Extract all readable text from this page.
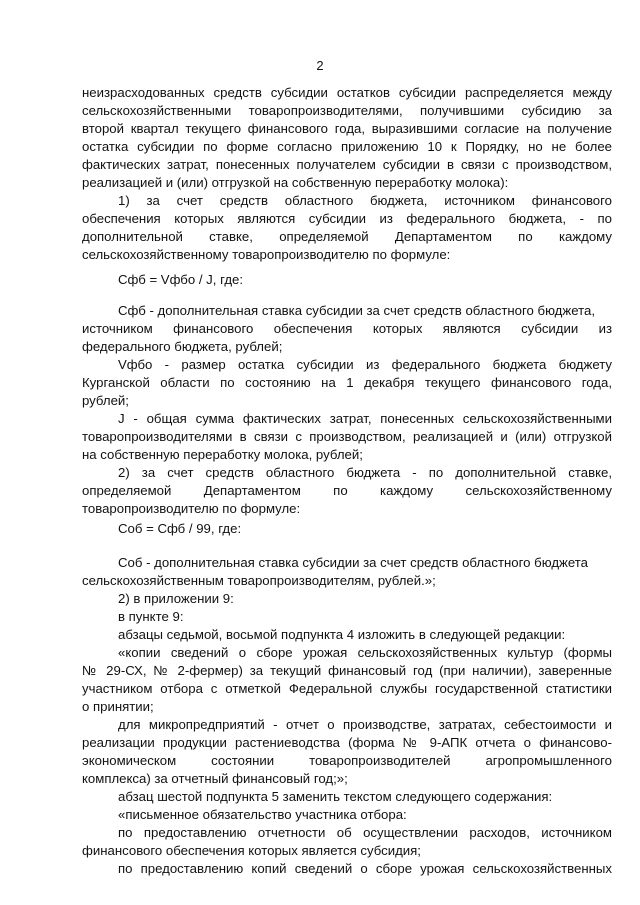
2
неизрасходованных средств субсидии остатков субсидии распределяется между
сельскохозяйственными товаропроизводителями, получившими субсидию за
второй квартал текущего финансового года, выразившими согласие на получение
остатка субсидии по форме согласно приложению 10 к Порядку, но не более
фактических затрат, понесенных получателем субсидии в связи с производством,
реализацией и (или) отгрузкой на собственную переработку молока):
1) за счет средств областного бюджета, источником финансового
обеспечения которых являются субсидии из федерального бюджета, - по
дополнительной ставке, определяемой Департаментом по каждому
сельскохозяйственному товаропроизводителю по формуле:
Сфб = Vфбо / J, где:
Сфб - дополнительная ставка субсидии за счет средств областного бюджета,
источником финансового обеспечения которых являются субсидии из
федерального бюджета, рублей;
Vфбо - размер остатка субсидии из федерального бюджета бюджету
Курганской области по состоянию на 1 декабря текущего финансового года,
рублей;
J - общая сумма фактических затрат, понесенных сельскохозяйственными
товаропроизводителями в связи с производством, реализацией и (или) отгрузкой
на собственную переработку молока, рублей;
2) за счет средств областного бюджета - по дополнительной ставке,
определяемой Департаментом по каждому сельскохозяйственному
товаропроизводителю по формуле:
Соб = Сфб / 99, где:
Соб - дополнительная ставка субсидии за счет средств областного бюджета
сельскохозяйственным товаропроизводителям, рублей.»;
2) в приложении 9:
в пункте 9:
абзацы седьмой, восьмой подпункта 4 изложить в следующей редакции:
«копии сведений о сборе урожая сельскохозяйственных культур (формы
№ 29-СХ, № 2-фермер) за текущий финансовый год (при наличии), заверенные
участником отбора с отметкой Федеральной службы государственной статистики
о принятии;
для микропредприятий - отчет о производстве, затратах, себестоимости и
реализации продукции растениеводства (форма № 9-АПК отчета о финансово-
экономическом состоянии товаропроизводителей агропромышленного
комплекса) за отчетный финансовый год;»;
абзац шестой подпункта 5 заменить текстом следующего содержания:
«письменное обязательство участника отбора:
по предоставлению отчетности об осуществлении расходов, источником
финансового обеспечения которых является субсидия;
по предоставлению копий сведений о сборе урожая сельскохозяйственных
